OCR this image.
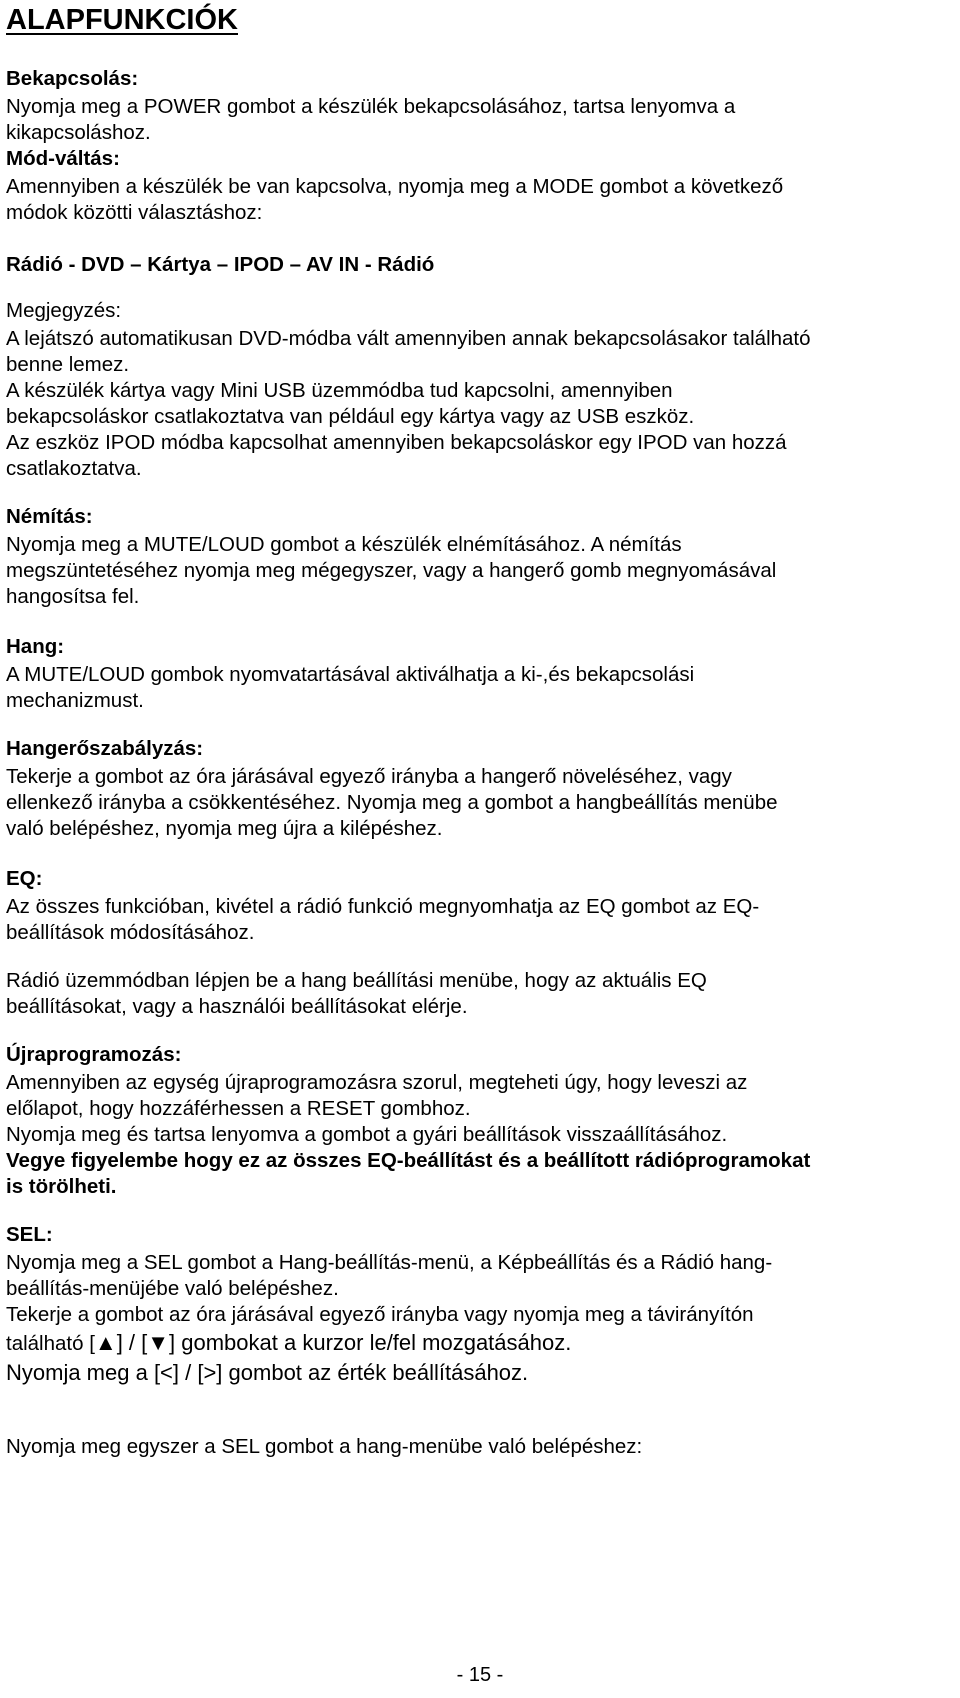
ALAPFUNKCIÓK

Bekapcsolás:

Nyomja meg a POWER gombot a készülék bekapcsolásához, tartsa lenyomva a

kikapcsoláshoz.

Mód-váltás:

Amennyiben a készülék be van kapcsolva, nyomja meg a MODE gombot a következő

módok közötti választáshoz:

Rádió - DVD – Kártya – IPOD – AV IN - Rádió

Megjegyzés:

A lejátszó automatikusan DVD-módba vált amennyiben annak bekapcsolásakor található

benne lemez.

A készülék kártya vagy Mini USB üzemmódba tud kapcsolni, amennyiben

bekapcsoláskor csatlakoztatva van például egy kártya vagy az USB eszköz.

Az eszköz IPOD módba kapcsolhat amennyiben bekapcsoláskor egy IPOD van hozzá

csatlakoztatva.

Némítás:

Nyomja meg a MUTE/LOUD gombot a készülék elnémításához. A némítás

megszüntetéséhez nyomja meg mégegyszer, vagy a hangerő gomb megnyomásával

hangosítsa fel.

Hang:

A MUTE/LOUD gombok nyomvatartásával aktiválhatja a ki-,és bekapcsolási

mechanizmust.

Hangerőszabályzás:

Tekerje a gombot az óra járásával egyező irányba a hangerő növeléséhez, vagy

ellenkező irányba a csökkentéséhez. Nyomja meg a gombot a hangbeállítás menübe

való belépéshez, nyomja meg újra a kilépéshez.

EQ:

Az összes funkcióban, kivétel a rádió funkció megnyomhatja az EQ gombot az EQ-

beállítások módosításához.

Rádió üzemmódban lépjen be a hang beállítási menübe, hogy az aktuális EQ

beállításokat, vagy a használói beállításokat elérje.

Újraprogramozás:

Amennyiben az egység újraprogramozásra szorul, megteheti úgy, hogy leveszi az

előlapot, hogy hozzáférhessen a RESET gombhoz.

Nyomja meg és tartsa lenyomva a gombot a gyári beállítások visszaállításához.

Vegye figyelembe hogy ez az összes EQ-beállítást és a beállított rádióprogramokat

is törölheti.

SEL:

Nyomja meg a SEL gombot a Hang-beállítás-menü, a Képbeállítás és a Rádió hang-

beállítás-menüjébe való belépéshez.

Tekerje a gombot az óra járásával egyező irányba vagy nyomja meg a távirányítón

található [▲] / [▼] gombokat a kurzor le/fel mozgatásához.

Nyomja meg a [<] / [>] gombot az érték beállításához.

Nyomja meg egyszer a SEL gombot a hang-menübe való belépéshez:

- 15 -
